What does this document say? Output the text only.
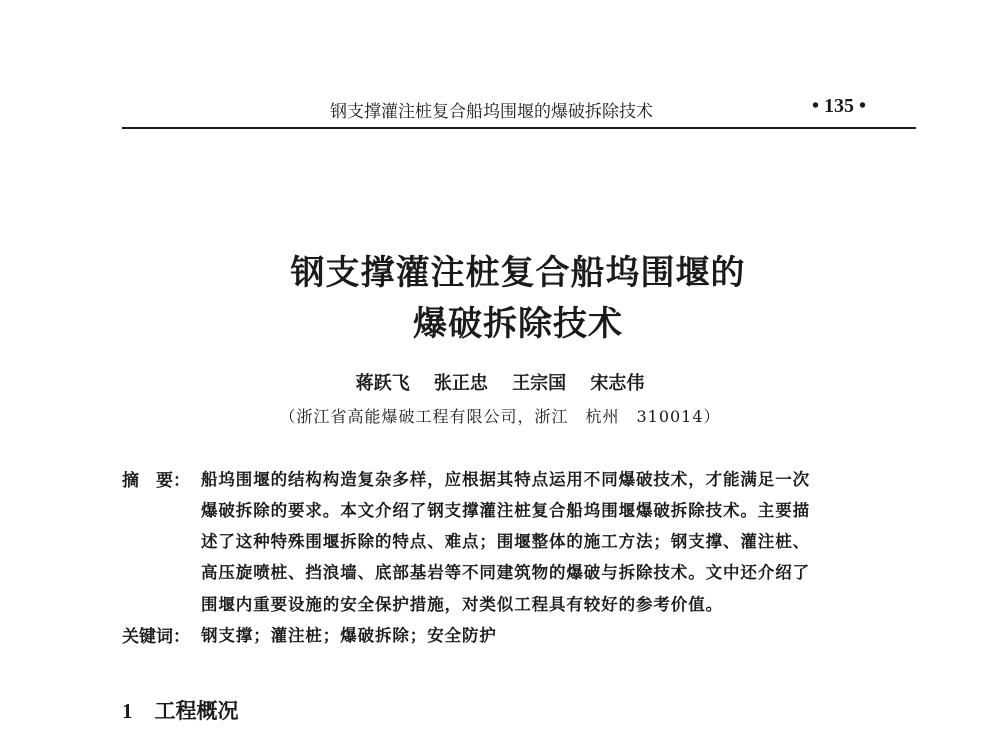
钢支撑灌注桩复合船坞围堰的爆破拆除技术	• 135 •
钢支撑灌注桩复合船坞围堰的
爆破拆除技术
蒋跃飞 张正忠 王宗国 宋志伟
（浙江省高能爆破工程有限公司，浙江　杭州　310014）
摘　要： 船坞围堰的结构构造复杂多样，应根据其特点运用不同爆破技术，才能满足一次
爆破拆除的要求。本文介绍了钢支撑灌注桩复合船坞围堰爆破拆除技术。主要描
述了这种特殊围堰拆除的特点、难点；围堰整体的施工方法；钢支撑、灌注桩、
高压旋喷桩、挡浪墙、底部基岩等不同建筑物的爆破与拆除技术。文中还介绍了
围堰内重要设施的安全保护措施，对类似工程具有较好的参考价值。
关键词： 钢支撑；灌注桩；爆破拆除；安全防护
1 工程概况
